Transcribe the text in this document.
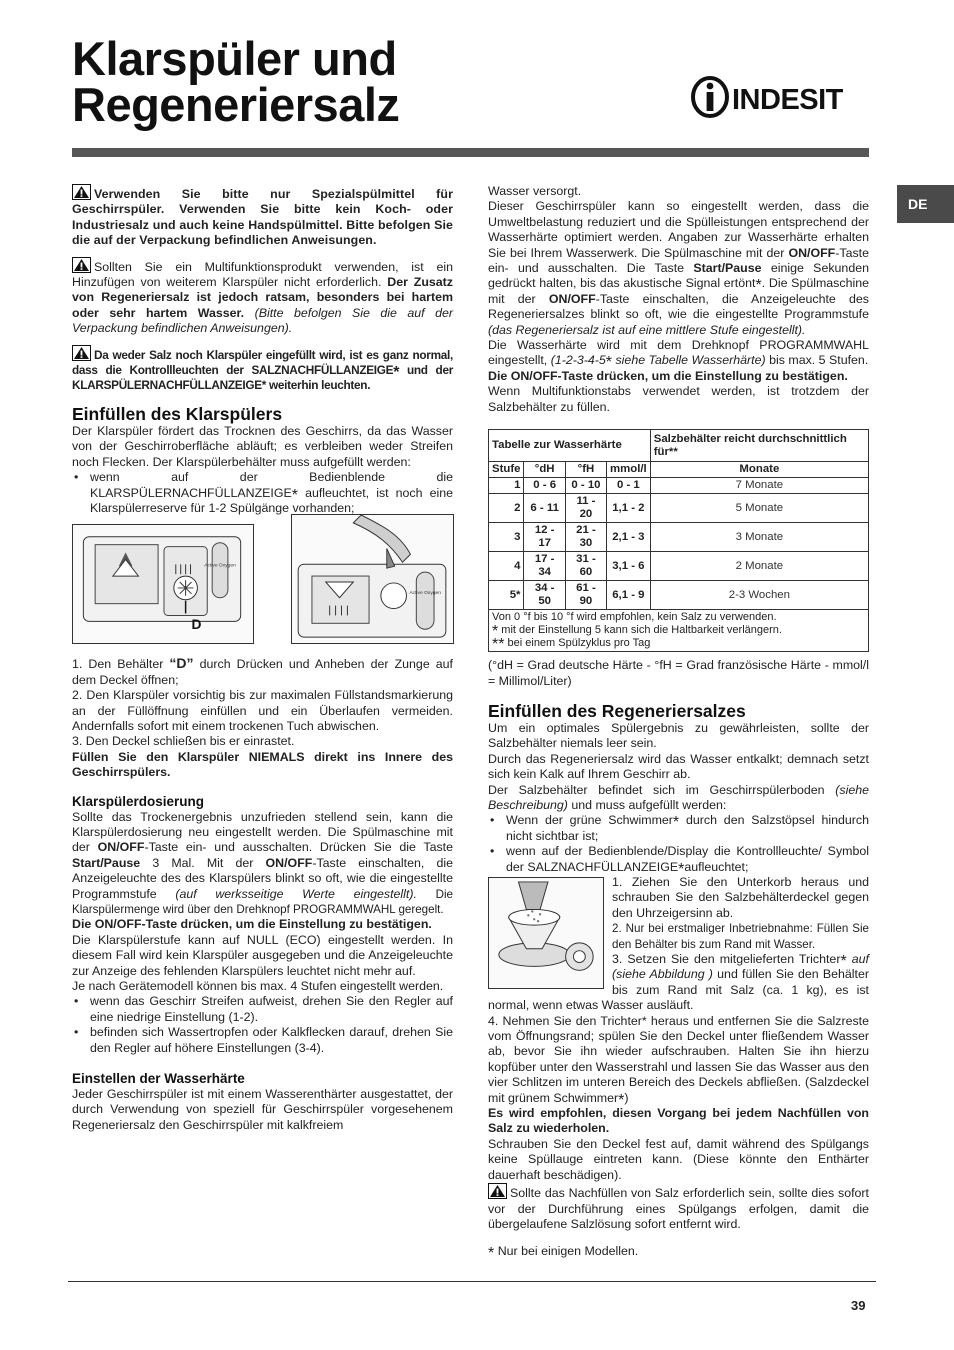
Klarspüler und
Regeneriersalz	INDESIT
DE

Verwenden Sie bitte nur Spezialspülmittel für Geschirrspüler. Verwenden Sie bitte kein Koch- oder Industriesalz und auch keine Handspülmittel. Bitte befolgen Sie die auf der Verpackung befindlichen Anweisungen.

Sollten Sie ein Multifunktionsprodukt verwenden, ist ein Hinzufügen von weiterem Klarspüler nicht erforderlich. Der Zusatz von Regeneriersalz ist jedoch ratsam, besonders bei hartem oder sehr hartem Wasser. (Bitte befolgen Sie die auf der Verpackung befindlichen Anweisungen).

Da weder Salz noch Klarspüler eingefüllt wird, ist es ganz normal, dass die Kontrollleuchten der SALZNACHFÜLLANZEIGE* und der KLARSPÜLERNACHFÜLLANZEIGE* weiterhin leuchten.

Einfüllen des Klarspülers

Der Klarspüler fördert das Trocknen des Geschirrs, da das Wasser von der Geschirroberfläche abläuft; es verbleiben weder Streifen noch Flecken. Der Klarspülerbehälter muss aufgefüllt werden:

• wenn auf der Bedienblende die KLARSPÜLERNACHFÜLLANZEIGE* aufleuchtet, ist noch eine Klarspülerreserve für 1-2 Spülgänge vorhanden;
Active Oxygen
D
Active Oxygen

1. Den Behälter “D” durch Drücken und Anheben der Zunge auf dem Deckel öffnen;

2. Den Klarspüler vorsichtig bis zur maximalen Füllstandsmarkierung an der Füllöffnung einfüllen und ein Überlaufen vermeiden. Andernfalls sofort mit einem trockenen Tuch abwischen.

3. Den Deckel schließen bis er einrastet.

Füllen Sie den Klarspüler NIEMALS direkt ins Innere des Geschirrspülers.

Klarspülerdosierung

Sollte das Trockenergebnis unzufrieden stellend sein, kann die Klarspülerdosierung neu eingestellt werden. Die Spülmaschine mit der ON/OFF-Taste ein- und ausschalten. Drücken Sie die Taste Start/Pause 3 Mal. Mit der ON/OFF-Taste einschalten, die Anzeigeleuchte des des Klarspülers blinkt so oft, wie die eingestellte Programmstufe (auf werksseitige Werte eingestellt). Die Klarspülermenge wird über den Drehknopf PROGRAMMWAHL geregelt.

Die ON/OFF-Taste drücken, um die Einstellung zu bestätigen.

Die Klarspülerstufe kann auf NULL (ECO) eingestellt werden. In diesem Fall wird kein Klarspüler ausgegeben und die Anzeigeleuchte zur Anzeige des fehlenden Klarspülers leuchtet nicht mehr auf.

Je nach Gerätemodell können bis max. 4 Stufen eingestellt werden.

• wenn das Geschirr Streifen aufweist, drehen Sie den Regler auf eine niedrige Einstellung (1-2).
• befinden sich Wassertropfen oder Kalkflecken darauf, drehen Sie den Regler auf höhere Einstellungen (3-4).
Einstellen der Wasserhärte

Jeder Geschirrspüler ist mit einem Wasserenthärter ausgestattet, der durch Verwendung von speziell für Geschirrspüler vorgesehenem Regeneriersalz den Geschirrspüler mit kalkfreiem

Wasser versorgt.

Dieser Geschirrspüler kann so eingestellt werden, dass die Umweltbelastung reduziert und die Spülleistungen entsprechend der Wasserhärte optimiert werden. Angaben zur Wasserhärte erhalten Sie bei Ihrem Wasserwerk. Die Spülmaschine mit der ON/OFF-Taste ein- und ausschalten. Die Taste Start/Pause einige Sekunden gedrückt halten, bis das akustische Signal ertönt*. Die Spülmaschine mit der ON/OFF-Taste einschalten, die Anzeigeleuchte des Regeneriersalzes blinkt so oft, wie die eingestellte Programmstufe (das Regeneriersalz ist auf eine mittlere Stufe eingestellt).

Die Wasserhärte wird mit dem Drehknopf PROGRAMMWAHL eingestellt, (1-2-3-4-5* siehe Tabelle Wasserhärte) bis max. 5 Stufen.

Die ON/OFF-Taste drücken, um die Einstellung zu bestätigen.

Wenn Multifunktionstabs verwendet werden, ist trotzdem der Salzbehälter zu füllen.

Tabelle zur Wasserhärte				Salzbehälter reicht durchschnittlich für**
Stufe	°dH	°fH	mmol/l	Monate
1	0 - 6	0 - 10	0 - 1	7 Monate
2	6 - 11	11 - 20	1,1 - 2	5 Monate
3	12 - 17	21 - 30	2,1 - 3	3 Monate
4	17 - 34	31 - 60	3,1 - 6	2 Monate
5*	34 - 50	61 - 90	6,1 - 9	2-3 Wochen

Von 0 °f bis 10 °f wird empfohlen, kein Salz zu verwenden.
* mit der Einstellung 5 kann sich die Haltbarkeit verlängern.
** bei einem Spülzyklus pro Tag				

(°dH = Grad deutsche Härte - °fH = Grad französische Härte - mmol/l = Millimol/Liter)

Einfüllen des Regeneriersalzes

Um ein optimales Spülergebnis zu gewährleisten, sollte der Salzbehälter niemals leer sein.

Durch das Regeneriersalz wird das Wasser entkalkt; demnach setzt sich kein Kalk auf Ihrem Geschirr ab.

Der Salzbehälter befindet sich im Geschirrspülerboden (siehe Beschreibung) und muss aufgefüllt werden:

• Wenn der grüne Schwimmer* durch den Salzstöpsel hindurch nicht sichtbar ist;
• wenn auf der Bedienblende/Display die Kontrollleuchte/ Symbol der SALZNACHFÜLLANZEIGE*aufleuchtet;

1. Ziehen Sie den Unterkorb heraus und schrauben Sie den Salzbehälterdeckel gegen den Uhrzeigersinn ab.

2. Nur bei erstmaliger Inbetriebnahme: Füllen Sie den Behälter bis zum Rand mit Wasser.

3. Setzen Sie den mitgelieferten Trichter* auf (siehe Abbildung ) und füllen Sie den Behälter bis zum Rand mit Salz (ca. 1 kg), es ist normal, wenn etwas Wasser ausläuft.

4. Nehmen Sie den Trichter* heraus und entfernen Sie die Salzreste vom Öffnungsrand; spülen Sie den Deckel unter fließendem Wasser ab, bevor Sie ihn wieder aufschrauben. Halten Sie ihn hierzu kopfüber unter den Wasserstrahl und lassen Sie das Wasser aus den vier Schlitzen im unteren Bereich des Deckels abfließen. (Salzdeckel mit grünem Schwimmer*)

Es wird empfohlen, diesen Vorgang bei jedem Nachfüllen von Salz zu wiederholen.

Schrauben Sie den Deckel fest auf, damit während des Spülgangs keine Spüllauge eintreten kann. (Diese könnte den Enthärter dauerhaft beschädigen).

Sollte das Nachfüllen von Salz erforderlich sein, sollte dies sofort vor der Durchführung eines Spülgangs erfolgen, damit die übergelaufene Salzlösung sofort entfernt wird.

* Nur bei einigen Modellen.

39
